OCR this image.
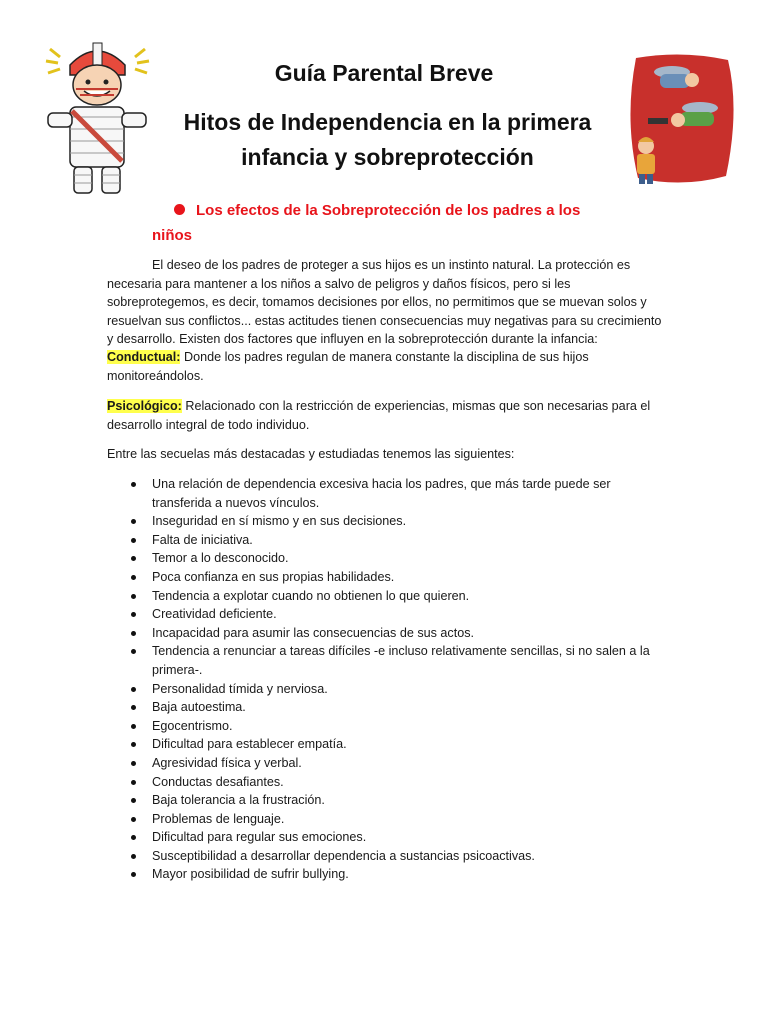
Guía Parental Breve
Hitos de Independencia en la primera infancia y sobreprotección
Los efectos de la Sobreprotección de los padres a los niños

El deseo de los padres de proteger a sus hijos es un instinto natural. La protección es necesaria para mantener a los niños a salvo de peligros y daños físicos, pero si les sobreprotegemos, es decir, tomamos decisiones por ellos, no permitimos que se muevan solos y resuelvan sus conflictos... estas actitudes tienen consecuencias muy negativas para su crecimiento y desarrollo. Existen dos factores que influyen en la sobreprotección durante la infancia:

Conductual: Donde los padres regulan de manera constante la disciplina de sus hijos monitoreándolos.

Psicológico: Relacionado con la restricción de experiencias, mismas que son necesarias para el desarrollo integral de todo individuo.

Entre las secuelas más destacadas y estudiadas tenemos las siguientes:

Una relación de dependencia excesiva hacia los padres, que más tarde puede ser transferida a nuevos vínculos.
Inseguridad en sí mismo y en sus decisiones.
Falta de iniciativa.
Temor a lo desconocido.
Poca confianza en sus propias habilidades.
Tendencia a explotar cuando no obtienen lo que quieren.
Creatividad deficiente.
Incapacidad para asumir las consecuencias de sus actos.
Tendencia a renunciar a tareas difíciles -e incluso relativamente sencillas, si no salen a la primera-.
Personalidad tímida y nerviosa.
Baja autoestima.
Egocentrismo.
Dificultad para establecer empatía.
Agresividad física y verbal.
Conductas desafiantes.
Baja tolerancia a la frustración.
Problemas de lenguaje.
Dificultad para regular sus emociones.
Susceptibilidad a desarrollar dependencia a sustancias psicoactivas.
Mayor posibilidad de sufrir bullying.
